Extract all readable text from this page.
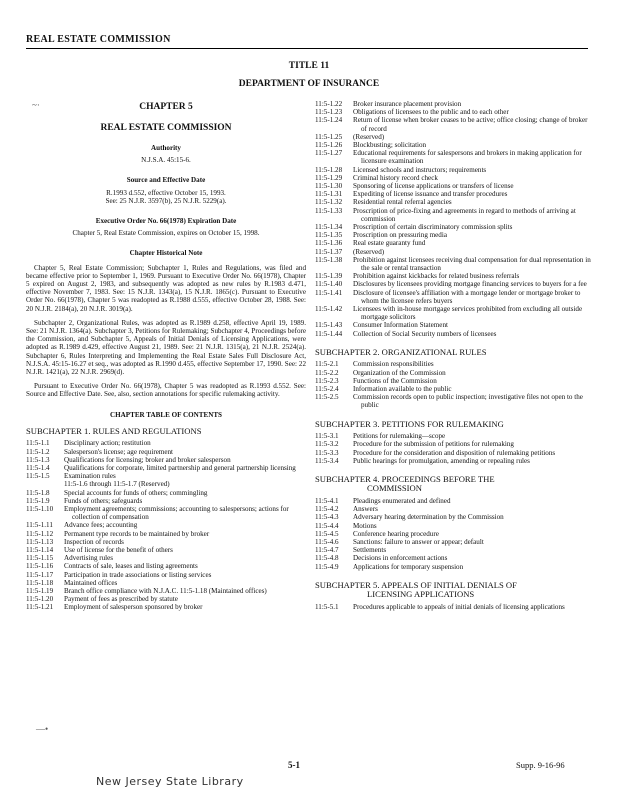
REAL ESTATE COMMISSION
TITLE 11
DEPARTMENT OF INSURANCE
~·
—•
CHAPTER 5
REAL ESTATE COMMISSION
Authority
N.J.S.A. 45:15-6.
Source and Effective Date
R.1993 d.552, effective October 15, 1993.
See: 25 N.J.R. 3597(b), 25 N.J.R. 5229(a).
Executive Order No. 66(1978) Expiration Date
Chapter 5, Real Estate Commission, expires on October 15, 1998.
Chapter Historical Note

Chapter 5, Real Estate Commission; Subchapter 1, Rules and Regulations, was filed and became effective prior to September 1, 1969. Pursuant to Executive Order No. 66(1978), Chapter 5 expired on August 2, 1983, and subsequently was adopted as new rules by R.1983 d.471, effective November 7, 1983. See: 15 N.J.R. 1343(a), 15 N.J.R. 1865(c). Pursuant to Executive Order No. 66(1978), Chapter 5 was readopted as R.1988 d.555, effective October 28, 1988. See: 20 N.J.R. 2184(a), 20 N.J.R. 3019(a).

Subchapter 2, Organizational Rules, was adopted as R.1989 d.258, effective April 19, 1989. See: 21 N.J.R. 1364(a). Subchapter 3, Petitions for Rulemaking; Subchapter 4, Proceedings before the Commission, and Subchapter 5, Appeals of Initial Denials of Licensing Applications, were adopted as R.1989 d.429, effective August 21, 1989. See: 21 N.J.R. 1315(a), 21 N.J.R. 2524(a). Subchapter 6, Rules Interpreting and Implementing the Real Estate Sales Full Disclosure Act, N.J.S.A. 45:15-16.27 et seq., was adopted as R.1990 d.455, effective September 17, 1990. See: 22 N.J.R. 1421(a), 22 N.J.R. 2969(d).

Pursuant to Executive Order No. 66(1978), Chapter 5 was readopted as R.1993 d.552. See: Source and Effective Date. See, also, section annotations for specific rulemaking activity.

CHAPTER TABLE OF CONTENTS
SUBCHAPTER 1. RULES AND REGULATIONS
11:5-1.1	Disciplinary action; restitution
11:5-1.2	Salesperson's license; age requirement
11:5-1.3	Qualifications for licensing; broker and broker salesperson
11:5-1.4	Qualifications for corporate, limited partnership and general partnership licensing
11:5-1.5	Examination rules
11:5-1.6 through 11:5-1.7 (Reserved)
11:5-1.8	Special accounts for funds of others; commingling
11:5-1.9	Funds of others; safeguards
11:5-1.10	Employment agreements; commissions; accounting to salespersons; actions for collection of compensation
11:5-1.11	Advance fees; accounting
11:5-1.12	Permanent type records to be maintained by broker
11:5-1.13	Inspection of records
11:5-1.14	Use of license for the benefit of others
11:5-1.15	Advertising rules
11:5-1.16	Contracts of sale, leases and listing agreements
11:5-1.17	Participation in trade associations or listing services
11:5-1.18	Maintained offices
11:5-1.19	Branch office compliance with N.J.A.C. 11:5-1.18 (Maintained offices)
11:5-1.20	Payment of fees as prescribed by statute
11:5-1.21	Employment of salesperson sponsored by broker
11:5-1.22	Broker insurance placement provision
11:5-1.23	Obligations of licensees to the public and to each other
11:5-1.24	Return of license when broker ceases to be active; office closing; change of broker of record
11:5-1.25	(Reserved)
11:5-1.26	Blockbusting; solicitation
11:5-1.27	Educational requirements for salespersons and brokers in making application for licensure examination
11:5-1.28	Licensed schools and instructors; requirements
11:5-1.29	Criminal history record check
11:5-1.30	Sponsoring of license applications or transfers of license
11:5-1.31	Expediting of license issuance and transfer procedures
11:5-1.32	Residential rental referral agencies
11:5-1.33	Proscription of price-fixing and agreements in regard to methods of arriving at commission
11:5-1.34	Proscription of certain discriminatory commission splits
11:5-1.35	Proscription on pressuring media
11:5-1.36	Real estate guaranty fund
11:5-1.37	(Reserved)
11:5-1.38	Prohibition against licensees receiving dual compensation for dual representation in the sale or rental transaction
11:5-1.39	Prohibition against kickbacks for related business referrals
11:5-1.40	Disclosures by licensees providing mortgage financing services to buyers for a fee
11:5-1.41	Disclosure of licensee's affiliation with a mortgage lender or mortgage broker to whom the licensee refers buyers
11:5-1.42	Licensees with in-house mortgage services prohibited from excluding all outside mortgage solicitors
11:5-1.43	Consumer Information Statement
11:5-1.44	Collection of Social Security numbers of licensees
SUBCHAPTER 2. ORGANIZATIONAL RULES
11:5-2.1	Commission responsibilities
11:5-2.2	Organization of the Commission
11:5-2.3	Functions of the Commission
11:5-2.4	Information available to the public
11:5-2.5	Commission records open to public inspection; investigative files not open to the public
SUBCHAPTER 3. PETITIONS FOR RULEMAKING
11:5-3.1	Petitions for rulemaking—scope
11:5-3.2	Procedure for the submission of petitions for rulemaking
11:5-3.3	Procedure for the consideration and disposition of rulemaking petitions
11:5-3.4	Public hearings for promulgation, amending or repealing rules
SUBCHAPTER 4. PROCEEDINGS BEFORE THE
COMMISSION
11:5-4.1	Pleadings enumerated and defined
11:5-4.2	Answers
11:5-4.3	Adversary hearing determination by the Commission
11:5-4.4	Motions
11:5-4.5	Conference hearing procedure
11:5-4.6	Sanctions: failure to answer or appear; default
11:5-4.7	Settlements
11:5-4.8	Decisions in enforcement actions
11:5-4.9	Applications for temporary suspension
SUBCHAPTER 5. APPEALS OF INITIAL DENIALS OF
LICENSING APPLICATIONS
11:5-5.1	Procedures applicable to appeals of initial denials of licensing applications
5-1	Supp. 9-16-96
New Jersey State Library
